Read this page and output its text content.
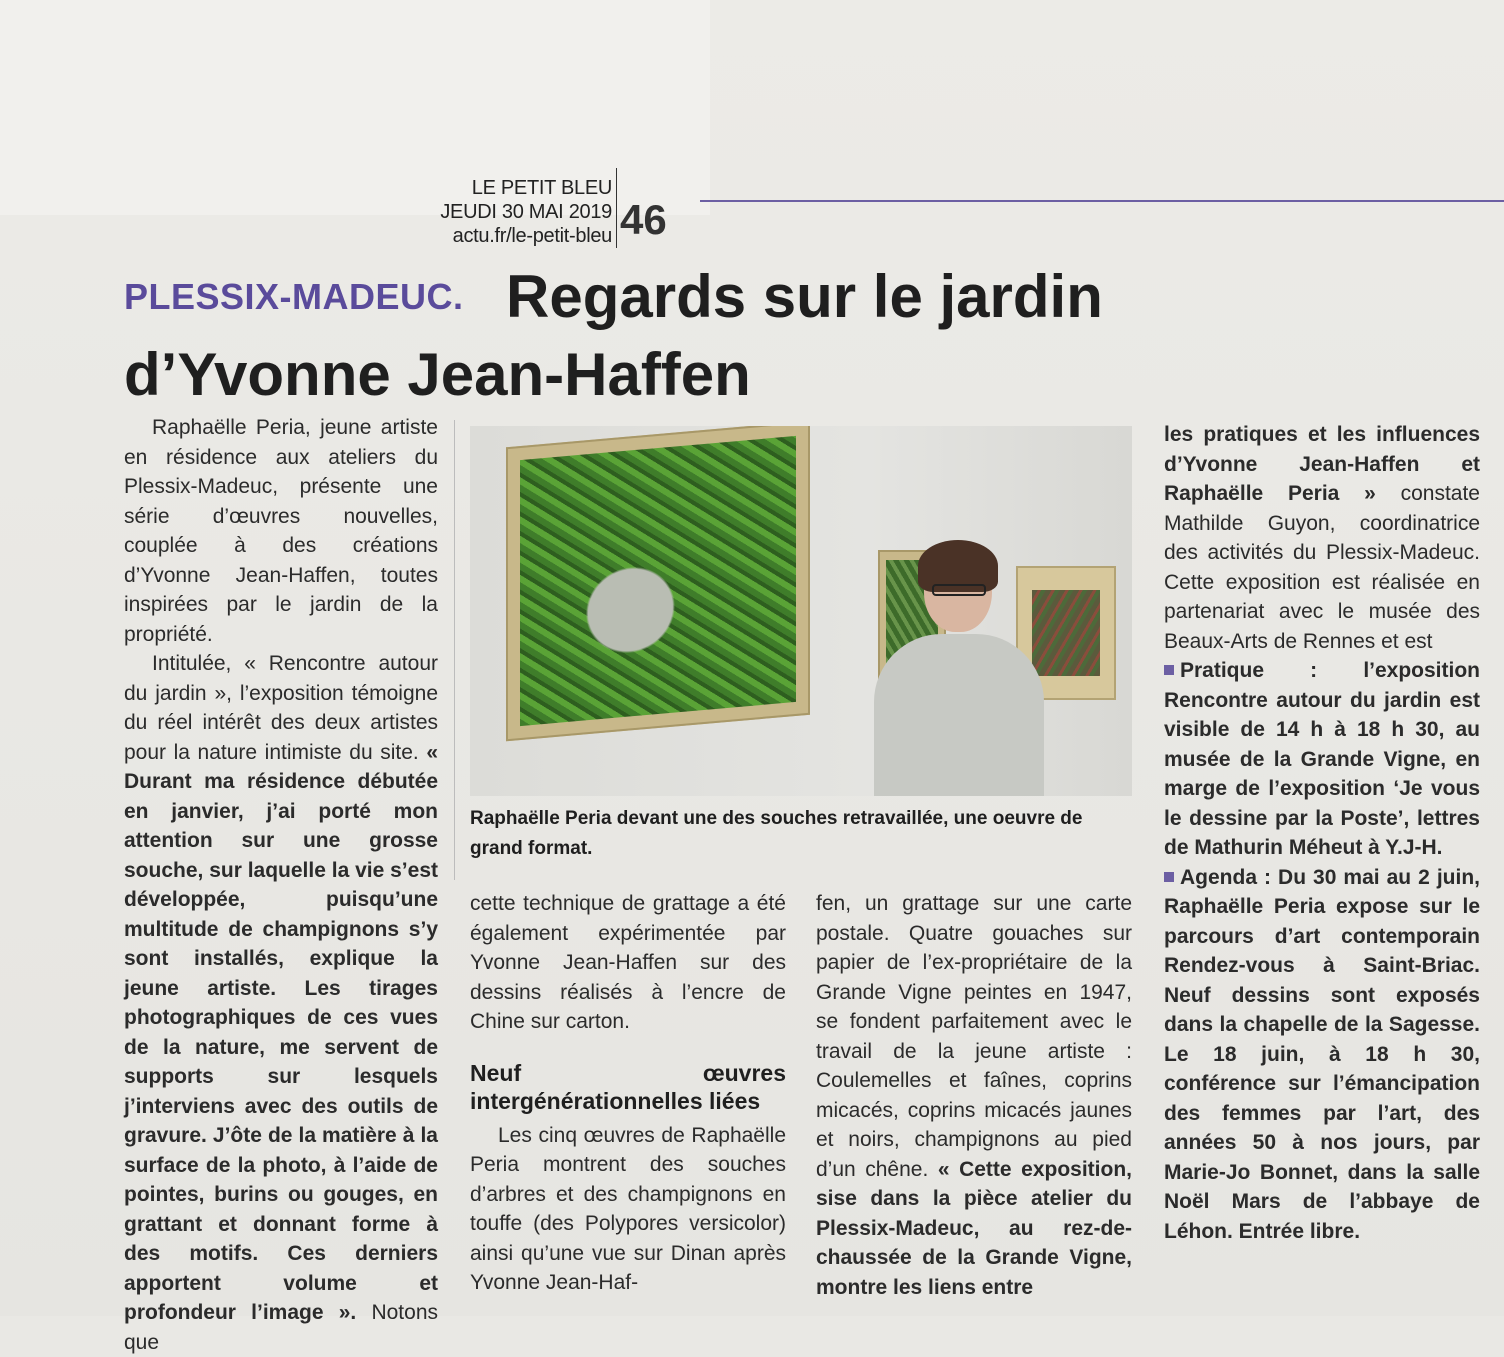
LE PETIT BLEU
JEUDI 30 MAI 2019
actu.fr/le-petit-bleu 46
Regards sur le jardin
d’Yvonne Jean-Haffen
PLESSIX-MADEUC.

Raphaëlle Peria, jeune artiste en résidence aux ateliers du Plessix-Madeuc, présente une série d’œuvres nouvelles, couplée à des créations d’Yvonne Jean-Haffen, toutes inspirées par le jardin de la propriété.

Intitulée, « Rencontre autour du jardin », l’exposition témoigne du réel intérêt des deux artistes pour la nature intimiste du site. « Durant ma résidence débutée en janvier, j’ai porté mon attention sur une grosse souche, sur laquelle la vie s’est développée, puisqu’une multitude de champignons s’y sont installés, explique la jeune artiste. Les tirages photographiques de ces vues de la nature, me servent de supports sur lesquels j’interviens avec des outils de gravure. J’ôte de la matière à la surface de la photo, à l’aide de pointes, burins ou gouges, en grattant et donnant forme à des motifs. Ces derniers apportent volume et profondeur l’image ». Notons que

Raphaëlle Peria devant une des souches retravaillée, une oeuvre de grand format.

cette technique de grattage a été également expérimentée par Yvonne Jean-Haffen sur des dessins réalisés à l’encre de Chine sur carton.

Neuf œuvres intergénérationnelles liées

Les cinq œuvres de Raphaëlle Peria montrent des souches d’arbres et des champignons en touffe (des Polypores versicolor) ainsi qu’une vue sur Dinan après Yvonne Jean-Haf-

fen, un grattage sur une carte postale. Quatre gouaches sur papier de l’ex-propriétaire de la Grande Vigne peintes en 1947, se fondent parfaitement avec le travail de la jeune artiste : Coulemelles et faînes, coprins micacés, coprins micacés jaunes et noirs, champignons au pied d’un chêne. « Cette exposition, sise dans la pièce atelier du Plessix-Madeuc, au rez-de-chaussée de la Grande Vigne, montre les liens entre

les pratiques et les influences d’Yvonne Jean-Haffen et Raphaëlle Peria » constate Mathilde Guyon, coordinatrice des activités du Plessix-Madeuc. Cette exposition est réalisée en partenariat avec le musée des Beaux-Arts de Rennes et est

Pratique : l’exposition Rencontre autour du jardin est visible de 14 h à 18 h 30, au musée de la Grande Vigne, en marge de l’exposition ‘Je vous le dessine par la Poste’, lettres de Mathurin Méheut à Y.J-H.

Agenda : Du 30 mai au 2 juin, Raphaëlle Peria expose sur le parcours d’art contemporain Rendez-vous à Saint-Briac. Neuf dessins sont exposés dans la chapelle de la Sagesse. Le 18 juin, à 18 h 30, conférence sur l’émancipation des femmes par l’art, des années 50 à nos jours, par Marie-Jo Bonnet, dans la salle Noël Mars de l’abbaye de Léhon. Entrée libre.
